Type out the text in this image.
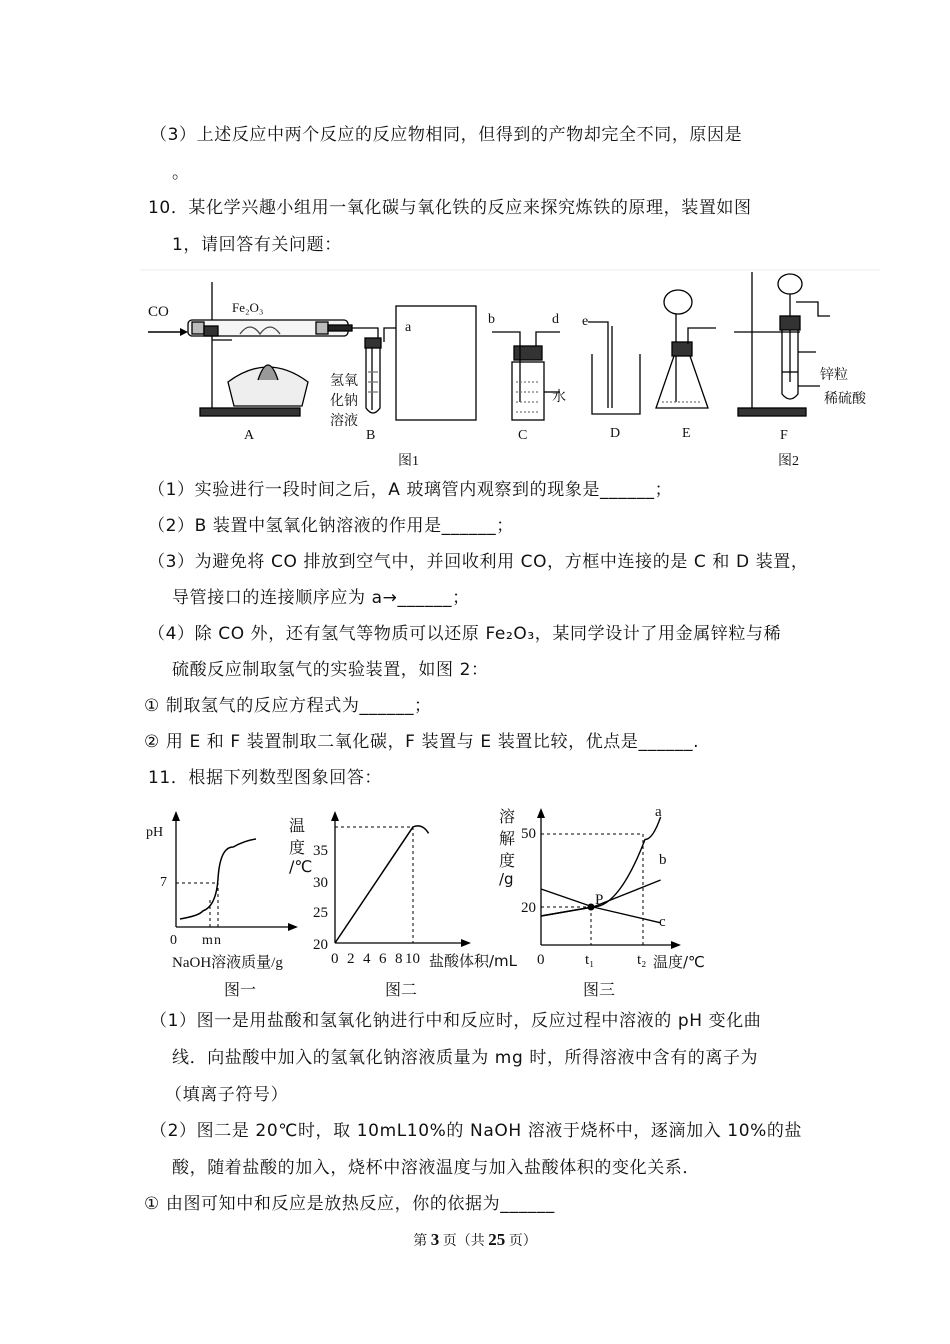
（3）上述反应中两个反应的反应物相同，但得到的产物却完全不同，原因是
。
10．某化学兴趣小组用一氧化碳与氧化铁的反应来探究炼铁的原理，装置如图
1，请回答有关问题：
CO	Fe₂O₃
a
b	d e
氢氧
化钠
溶液
水
锌粒
稀硫酸
A	B	C	D	E	F
图1	图2
（1）实验进行一段时间之后，A 玻璃管内观察到的现象是______；
（2）B 装置中氢氧化钠溶液的作用是______；
（3）为避免将 CO 排放到空气中，并回收利用 CO，方框中连接的是 C 和 D 装置，
导管接口的连接顺序应为 a→______；
（4）除 CO 外，还有氢气等物质可以还原 Fe₂O₃，某同学设计了用金属锌粒与稀
硫酸反应制取氢气的实验装置，如图 2：
① 制取氢气的反应方程式为______；
② 用 E 和 F 装置制取二氧化碳，F 装置与 E 装置比较，优点是______.
11．根据下列数型图象回答：
pH
7
0 m n
NaOH溶液质量/g
图一
温
度
/℃
35
30
25
20
0 2 4 6 8 10 盐酸体积/mL
图二
溶
解
度
/g
50
20
0	t₁	t₂ 温度/℃
P
a
b
c
图三
（1）图一是用盐酸和氢氧化钠进行中和反应时，反应过程中溶液的 pH 变化曲
线．向盐酸中加入的氢氧化钠溶液质量为 mg 时，所得溶液中含有的离子为
（填离子符号）
（2）图二是 20℃时，取 10mL10%的 NaOH 溶液于烧杯中，逐滴加入 10%的盐
酸，随着盐酸的加入，烧杯中溶液温度与加入盐酸体积的变化关系．
① 由图可知中和反应是放热反应，你的依据为______
第 3 页（共 25 页）
